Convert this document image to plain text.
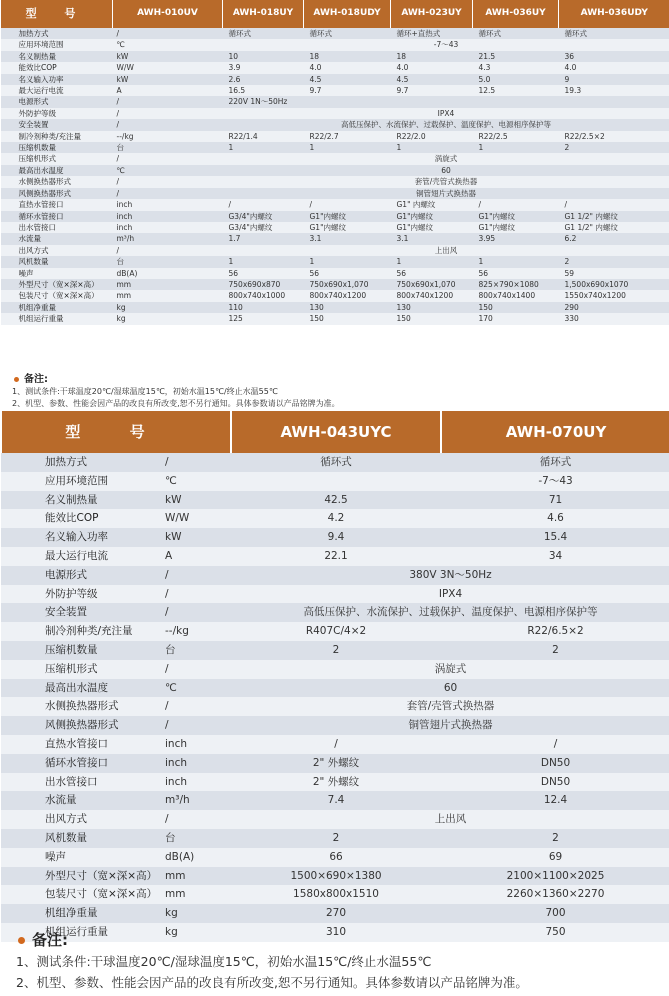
型 号	AWH-010UV	AWH-018UY	AWH-018UDY	AWH-023UY	AWH-036UY	AWH-036UDY	
加热方式	/	循环式	循环式	循环+直热式	循环式	循环式	
应用环境范围	℃	-7～43					
名义制热量	kW	10	18	18	21.5	36	
能效比COP	W/W	3.9	4.0	4.0	4.3	4.0	
名义输入功率	kW	2.6	4.5	4.5	5.0	9	
最大运行电流	A	16.5	9.7	9.7	12.5	19.3	
电源形式	/	220V 1N～50Hz		
外防护等级	/	IPX4					
安全装置	/	高低压保护、水流保护、过载保护、温度保护、电源相序保护等					
制冷剂种类/充注量	--/kg	R22/1.4	R22/2.7	R22/2.0	R22/2.5	R22/2.5×2	
压缩机数量	台	1	1	1	1	2	
压缩机形式	/	涡旋式					
最高出水温度	℃	60					
水侧换热器形式	/	套管/壳管式换热器					
风侧换热器形式	/	铜管翅片式换热器					
直热水管接口	inch	/	/	G1" 内螺纹	/	/	
循环水管接口	inch	G3/4"内螺纹	G1"内螺纹	G1"内螺纹	G1"内螺纹	G1 1/2" 内螺纹	
出水管接口	inch	G3/4"内螺纹	G1"内螺纹	G1"内螺纹	G1"内螺纹	G1 1/2" 内螺纹	
水流量	m³/h	1.7	3.1	3.1	3.95	6.2	
出风方式	/	上出风					
风机数量	台	1	1	1	1	2	
噪声	dB(A)	56	56	56	56	59	
外型尺寸（宽×深×高）	mm	750x690x870	750x690x1,070	750x690x1,070	825×790×1080	1,500x690x1070	
包装尺寸（宽×深×高）	mm	800x740x1000	800x740x1200	800x740x1200	800x740x1400	1550x740x1200	
机组净重量	kg	110	130	130	150	290	
机组运行重量	kg	125	150	150	170	330	
备注:
1、测试条件:干球温度20℃/湿球温度15℃，初始水温15℃/终止水温55℃
2、机型、参数、性能会因产品的改良有所改变,恕不另行通知。具体参数请以产品铭牌为准。
型 号		AWH-043UYC	AWH-070UY
加热方式	/	循环式	循环式
应用环境范围	℃		-7～43
名义制热量	kW	42.5	71
能效比COP	W/W	4.2	4.6
名义输入功率	kW	9.4	15.4
最大运行电流	A	22.1	34
电源形式	/	380V 3N～50Hz	
外防护等级	/	IPX4	
安全装置	/	高低压保护、水流保护、过载保护、温度保护、电源相序保护等	
制冷剂种类/充注量	--/kg	R407C/4×2	R22/6.5×2
压缩机数量	台	2	2
压缩机形式	/	涡旋式	
最高出水温度	℃	60	
水侧换热器形式	/	套管/壳管式换热器	
风侧换热器形式	/	铜管翅片式换热器	
直热水管接口	inch	/	/
循环水管接口	inch	2" 外螺纹	DN50
出水管接口	inch	2" 外螺纹	DN50
水流量	m³/h	7.4	12.4
出风方式	/	上出风	
风机数量	台	2	2
噪声	dB(A)	66	69
外型尺寸（宽×深×高）	mm	1500×690×1380	2100×1100×2025
包装尺寸（宽×深×高）	mm	1580x800x1510	2260×1360×2270
机组净重量	kg	270	700
机组运行重量	kg	310	750
备注:
1、测试条件:干球温度20℃/湿球温度15℃，初始水温15℃/终止水温55℃
2、机型、参数、性能会因产品的改良有所改变,恕不另行通知。具体参数请以产品铭牌为准。
